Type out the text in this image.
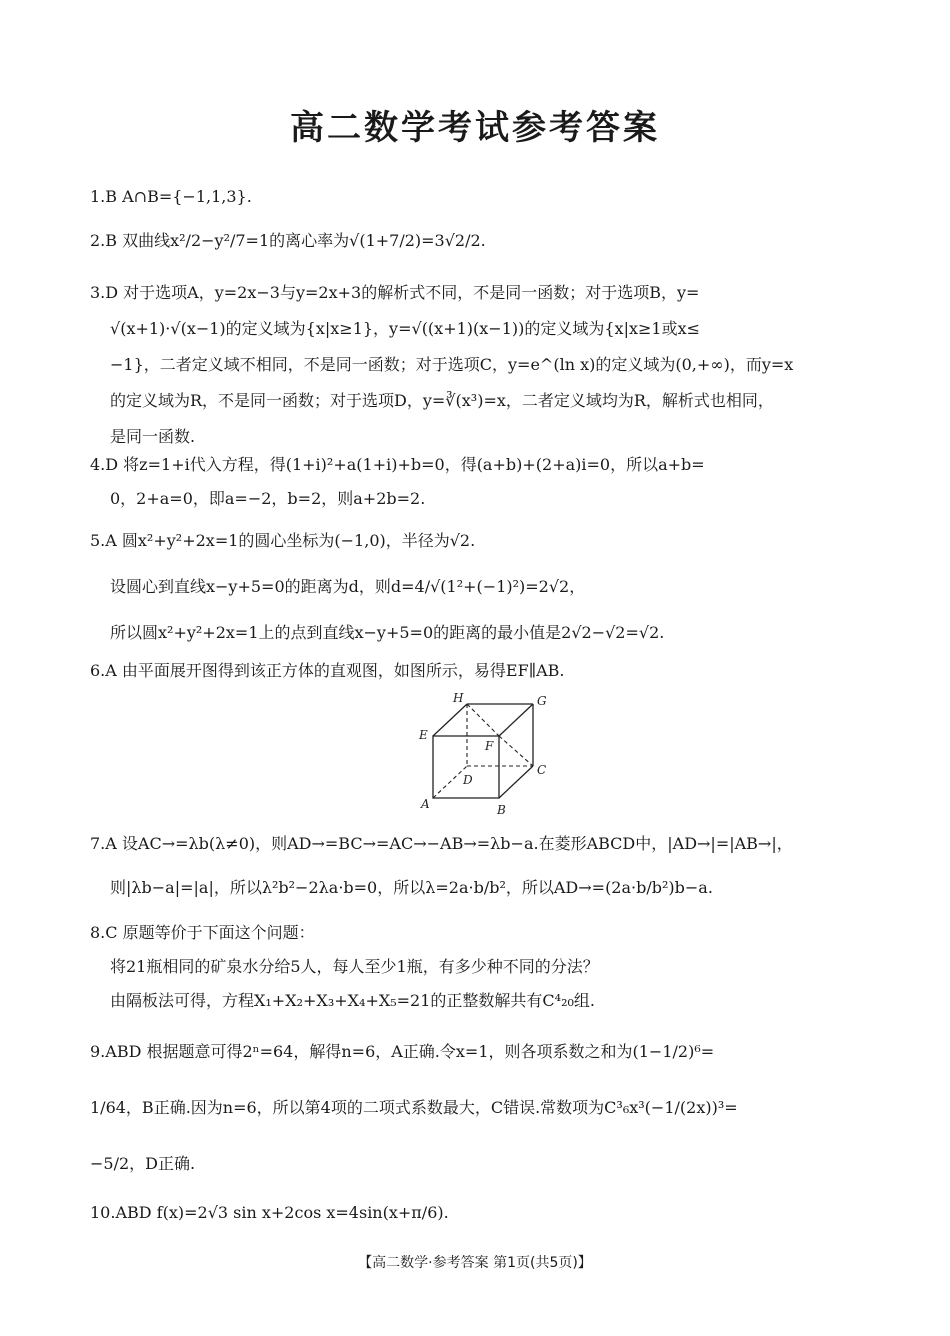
高二数学考试参考答案
1.B A∩B={−1,1,3}.
2.B 双曲线x²/2−y²/7=1的离心率为√(1+7/2)=3√2/2.
3.D 对于选项A，y=2x−3与y=2x+3的解析式不同，不是同一函数；对于选项B，y=
√(x+1)·√(x−1)的定义域为{x|x≥1}，y=√((x+1)(x−1))的定义域为{x|x≥1或x≤
−1}，二者定义域不相同，不是同一函数；对于选项C，y=e^(ln x)的定义域为(0,+∞)，而y=x
的定义域为R，不是同一函数；对于选项D，y=∛(x³)=x，二者定义域均为R，解析式也相同，
是同一函数.
4.D 将z=1+i代入方程，得(1+i)²+a(1+i)+b=0，得(a+b)+(2+a)i=0，所以a+b=
0，2+a=0，即a=−2，b=2，则a+2b=2.
5.A 圆x²+y²+2x=1的圆心坐标为(−1,0)，半径为√2.
设圆心到直线x−y+5=0的距离为d，则d=4/√(1²+(−1)²)=2√2，
所以圆x²+y²+2x=1上的点到直线x−y+5=0的距离的最小值是2√2−√2=√2.
6.A 由平面展开图得到该正方体的直观图，如图所示，易得EF∥AB.
H	G
E
F
C
D
A	B
7.A 设AC→=λb(λ≠0)，则AD→=BC→=AC→−AB→=λb−a.在菱形ABCD中，|AD→|=|AB→|，
则|λb−a|=|a|，所以λ²b²−2λa·b=0，所以λ=2a·b/b²，所以AD→=(2a·b/b²)b−a.
8.C 原题等价于下面这个问题：
将21瓶相同的矿泉水分给5人，每人至少1瓶，有多少种不同的分法？
由隔板法可得，方程X₁+X₂+X₃+X₄+X₅=21的正整数解共有C⁴₂₀组.
9.ABD 根据题意可得2ⁿ=64，解得n=6，A正确.令x=1，则各项系数之和为(1−1/2)⁶=
1/64，B正确.因为n=6，所以第4项的二项式系数最大，C错误.常数项为C³₆x³(−1/(2x))³=
−5/2，D正确.
10.ABD f(x)=2√3 sin x+2cos x=4sin(x+π/6).
【高二数学·参考答案 第1页(共5页)】
